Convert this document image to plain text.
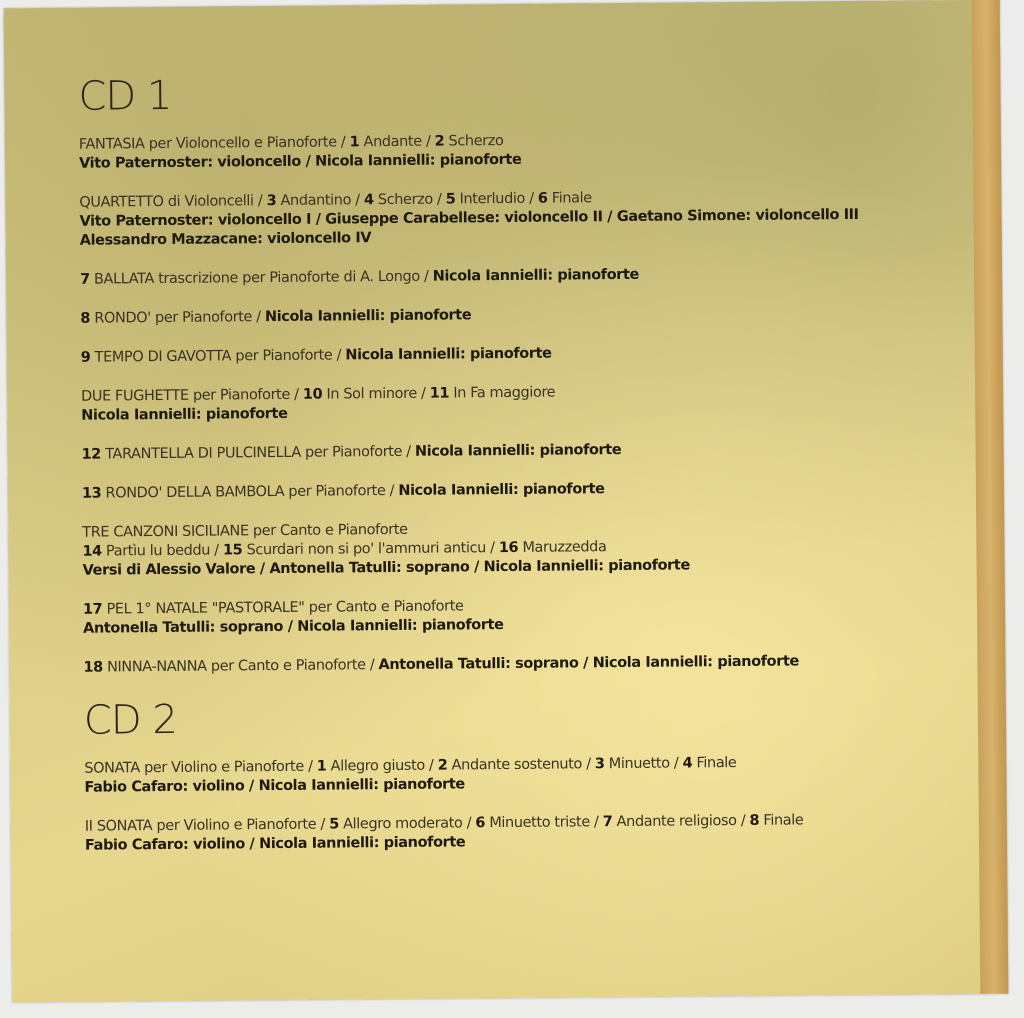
CD 1
FANTASIA per Violoncello e Pianoforte / 1 Andante / 2 Scherzo
Vito Paternoster: violoncello / Nicola Iannielli: pianoforte
QUARTETTO di Violoncelli / 3 Andantino / 4 Scherzo / 5 Interludio / 6 Finale
Vito Paternoster: violoncello I / Giuseppe Carabellese: violoncello II / Gaetano Simone: violoncello III
Alessandro Mazzacane: violoncello IV
7 BALLATA trascrizione per Pianoforte di A. Longo / Nicola Iannielli: pianoforte
8 RONDO' per Pianoforte / Nicola Iannielli: pianoforte
9 TEMPO DI GAVOTTA per Pianoforte / Nicola Iannielli: pianoforte
DUE FUGHETTE per Pianoforte / 10 In Sol minore / 11 In Fa maggiore
Nicola Iannielli: pianoforte
12 TARANTELLA DI PULCINELLA per Pianoforte / Nicola Iannielli: pianoforte
13 RONDO' DELLA BAMBOLA per Pianoforte / Nicola Iannielli: pianoforte
TRE CANZONI SICILIANE per Canto e Pianoforte
14 Partìu lu beddu / 15 Scurdari non si po' l'ammuri anticu / 16 Maruzzedda
Versi di Alessio Valore / Antonella Tatulli: soprano / Nicola Iannielli: pianoforte
17 PEL 1° NATALE "PASTORALE" per Canto e Pianoforte
Antonella Tatulli: soprano / Nicola Iannielli: pianoforte
18 NINNA-NANNA per Canto e Pianoforte / Antonella Tatulli: soprano / Nicola Iannielli: pianoforte
CD 2
SONATA per Violino e Pianoforte / 1 Allegro giusto / 2 Andante sostenuto / 3 Minuetto / 4 Finale
Fabio Cafaro: violino / Nicola Iannielli: pianoforte
II SONATA per Violino e Pianoforte / 5 Allegro moderato / 6 Minuetto triste / 7 Andante religioso / 8 Finale
Fabio Cafaro: violino / Nicola Iannielli: pianoforte
